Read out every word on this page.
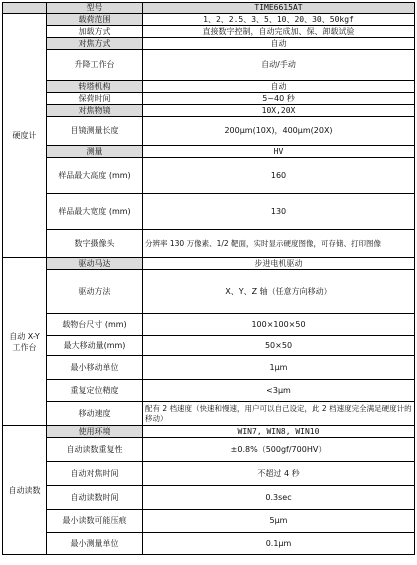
	型号	TIME6615AT
硬度计	载荷范围	1、2、2.5、3、5、10、20、30、50kgf
	加载方式	直接数字控制，自动完成加、保、卸载试验
	对焦方式	自动
	升降工作台	自动/手动
	转塔机构	自动
	保荷时间	5~40 秒
	对焦物镜	10X,20X
	目镜测量长度	200μm(10X)，400μm(20X)
	测量	HV
	样品最大高度 (mm)	160
	样品最大宽度 (mm)	130
	数字摄像头	分辨率 130 万像素、1/2 靶面，实时显示硬度图像，可存储、打印图像
自动 X-Y 工作台	驱动马达	步进电机驱动
	驱动方法	X、Y、Z 轴（任意方向移动）
	载物台尺寸 (mm)	100×100×50
	最大移动量(mm)	50×50
	最小移动单位	1μm
	重复定位精度	<3μm
	移动速度	配有 2 档速度（快速和慢速，用户可以自己设定，此 2 档速度完全满足硬度计的移动）
自动读数	使用环境	WIN7, WIN8, WIN10
	自动读数重复性	±0.8%（500gf/700HV）
	自动对焦时间	不超过 4 秒
	自动读数时间	0.3sec
	最小读数可能压痕	5μm
	最小测量单位	0.1μm
